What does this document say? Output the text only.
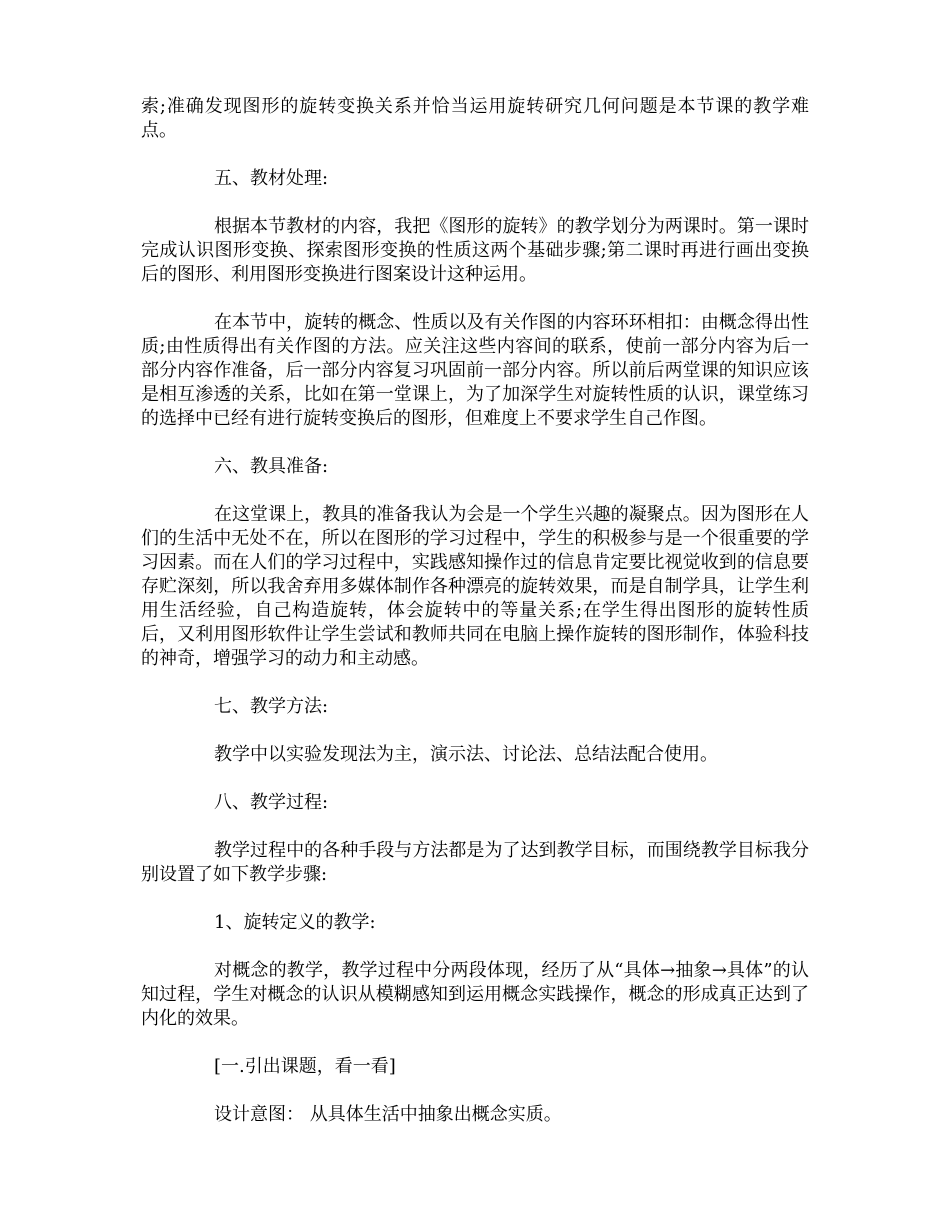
索;准确发现图形的旋转变换关系并恰当运用旋转研究几何问题是本节课的教学难点。

五、教材处理:

根据本节教材的内容，我把《图形的旋转》的教学划分为两课时。第一课时完成认识图形变换、探索图形变换的性质这两个基础步骤;第二课时再进行画出变换后的图形、利用图形变换进行图案设计这种运用。

在本节中，旋转的概念、性质以及有关作图的内容环环相扣：由概念得出性质;由性质得出有关作图的方法。应关注这些内容间的联系，使前一部分内容为后一部分内容作准备，后一部分内容复习巩固前一部分内容。所以前后两堂课的知识应该是相互渗透的关系，比如在第一堂课上，为了加深学生对旋转性质的认识，课堂练习的选择中已经有进行旋转变换后的图形，但难度上不要求学生自己作图。

六、教具准备:

在这堂课上，教具的准备我认为会是一个学生兴趣的凝聚点。因为图形在人们的生活中无处不在，所以在图形的学习过程中，学生的积极参与是一个很重要的学习因素。而在人们的学习过程中，实践感知操作过的信息肯定要比视觉收到的信息要存贮深刻，所以我舍弃用多媒体制作各种漂亮的旋转效果，而是自制学具，让学生利用生活经验，自己构造旋转，体会旋转中的等量关系;在学生得出图形的旋转性质后，又利用图形软件让学生尝试和教师共同在电脑上操作旋转的图形制作，体验科技的神奇，增强学习的动力和主动感。

七、教学方法:

教学中以实验发现法为主，演示法、讨论法、总结法配合使用。

八、教学过程:

教学过程中的各种手段与方法都是为了达到教学目标，而围绕教学目标我分别设置了如下教学步骤:

1、旋转定义的教学:

对概念的教学，教学过程中分两段体现，经历了从“具体→抽象→具体”的认知过程，学生对概念的认识从模糊感知到运用概念实践操作，概念的形成真正达到了内化的效果。

[一.引出课题，看一看]

设计意图： 从具体生活中抽象出概念实质。
